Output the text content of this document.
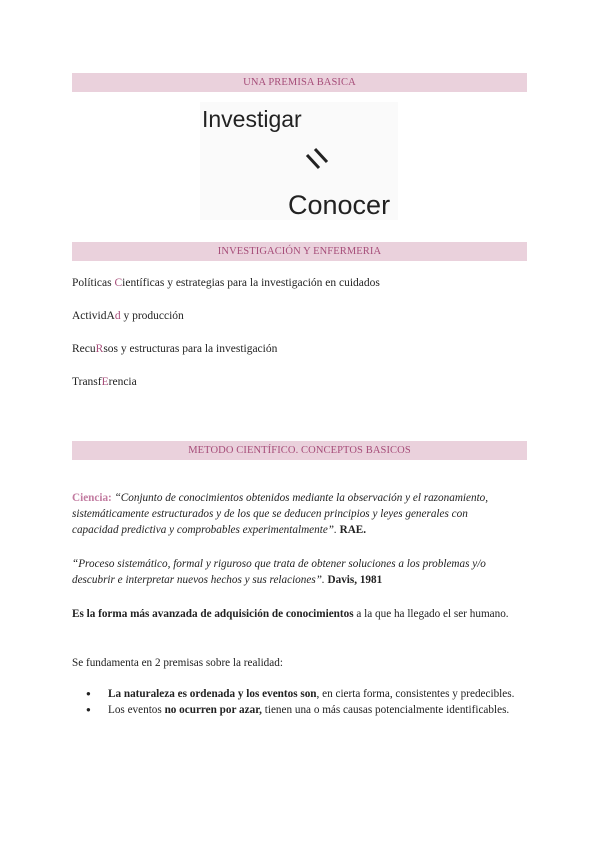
UNA PREMISA BASICA
Investigar
Conocer
INVESTIGACIÓN Y ENFERMERIA
Políticas Científicas y estrategias para la investigación en cuidados
ActividAd y producción
RecuRsos y estructuras para la investigación
TransfErencia
METODO CIENTÍFICO. CONCEPTOS BASICOS
Ciencia: “Conjunto de conocimientos obtenidos mediante la observación y el razonamiento, sistemáticamente estructurados y de los que se deducen principios y leyes generales con capacidad predictiva y comprobables experimentalmente”. RAE.
“Proceso sistemático, formal y riguroso que trata de obtener soluciones a los problemas y/o descubrir e interpretar nuevos hechos y sus relaciones”. Davis, 1981
Es la forma más avanzada de adquisición de conocimientos a la que ha llegado el ser humano.
Se fundamenta en 2 premisas sobre la realidad:
● La naturaleza es ordenada y los eventos son, en cierta forma, consistentes y predecibles.
● Los eventos no ocurren por azar, tienen una o más causas potencialmente identificables.
